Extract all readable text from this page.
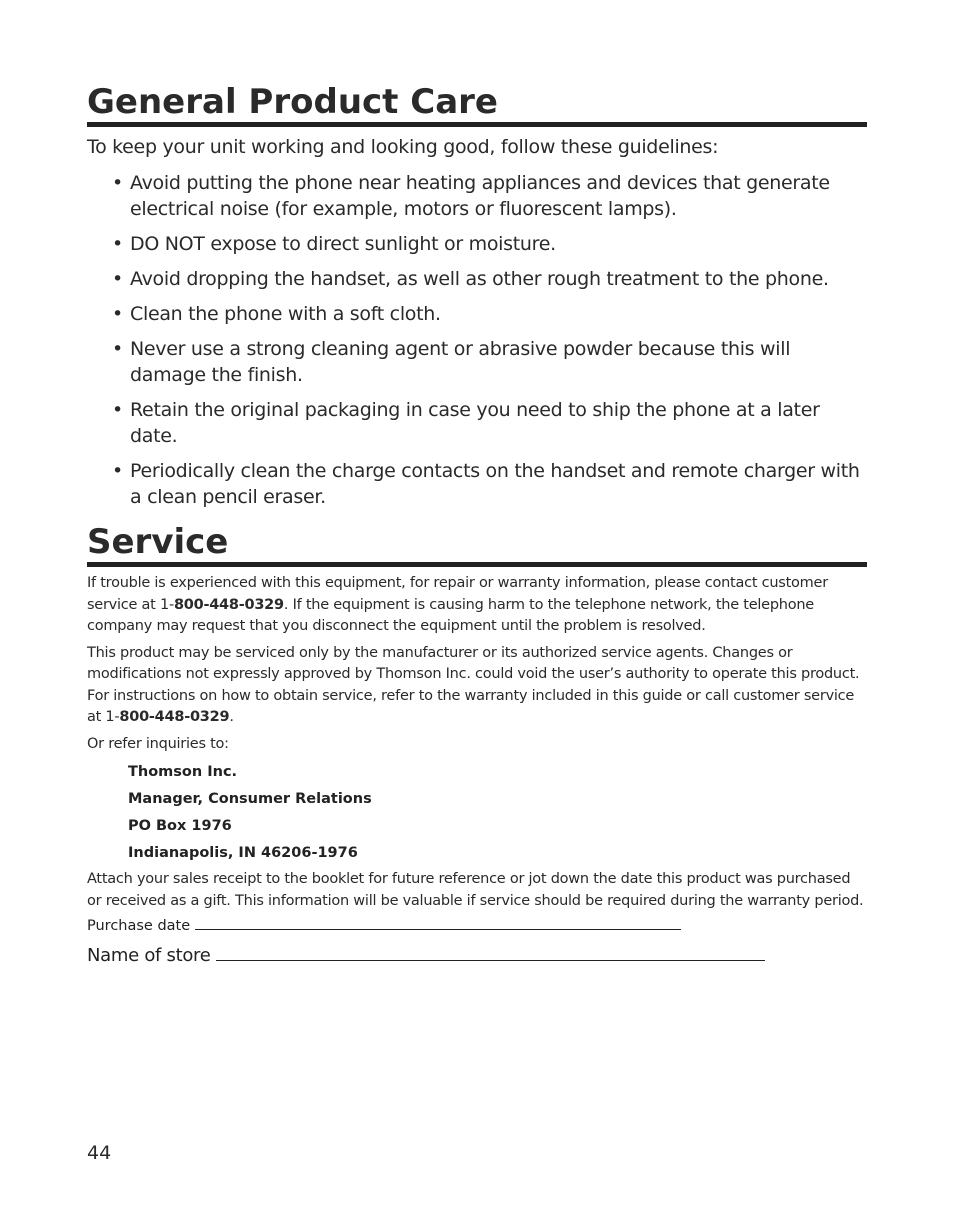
General Product Care

To keep your unit working and looking good, follow these guidelines:

• Avoid putting the phone near heating appliances and devices that generate electrical noise (for example, motors or fluorescent lamps).
• DO NOT expose to direct sunlight or moisture.
• Avoid dropping the handset, as well as other rough treatment to the phone.
• Clean the phone with a soft cloth.
• Never use a strong cleaning agent or abrasive powder because this will damage the finish.
• Retain the original packaging in case you need to ship the phone at a later date.
• Periodically clean the charge contacts on the handset and remote charger with a clean pencil eraser.
Service

If trouble is experienced with this equipment, for repair or warranty information, please contact customer service at 1-800-448-0329. If the equipment is causing harm to the telephone network, the telephone company may request that you disconnect the equipment until the problem is resolved.

This product may be serviced only by the manufacturer or its authorized service agents. Changes or modifications not expressly approved by Thomson Inc. could void the user’s authority to operate this product. For instructions on how to obtain service, refer to the warranty included in this guide or call customer service at 1-800-448-0329.

Or refer inquiries to:

Thomson Inc.
Manager, Consumer Relations
PO Box 1976
Indianapolis, IN 46206-1976

Attach your sales receipt to the booklet for future reference or jot down the date this product was purchased or received as a gift. This information will be valuable if service should be required during the warranty period.

Purchase date
Name of store
44
